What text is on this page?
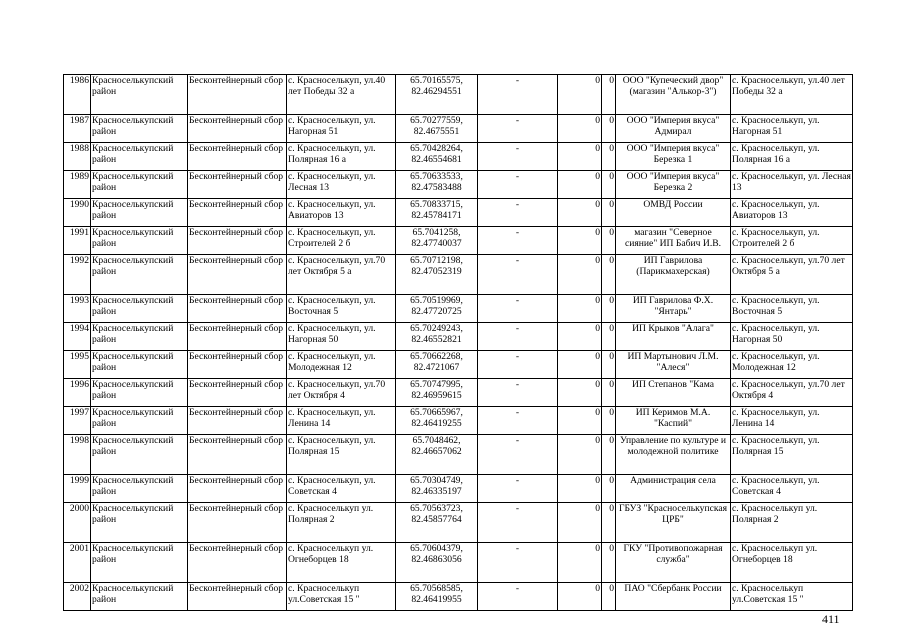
1986	Красноселькупский район	Бесконтейнерный сбор	с. Красноселькуп, ул.40 лет Победы 32 а	65.70165575, 82.46294551	-	0	0	ООО "Купеческий двор" (магазин "Алькор-3")	с. Красноселькуп, ул.40 лет Победы 32 а
1987	Красноселькупский район	Бесконтейнерный сбор	с. Красноселькуп, ул. Нагорная 51	65.70277559, 82.4675551	-	0	0	ООО "Империя вкуса" Адмирал	с. Красноселькуп, ул. Нагорная 51
1988	Красноселькупский район	Бесконтейнерный сбор	с. Красноселькуп, ул. Полярная 16 а	65.70428264, 82.46554681	-	0	0	ООО "Империя вкуса" Березка 1	с. Красноселькуп, ул. Полярная 16 а
1989	Красноселькупский район	Бесконтейнерный сбор	с. Красноселькуп, ул. Лесная 13	65.70633533, 82.47583488	-	0	0	ООО "Империя вкуса" Березка 2	с. Красноселькуп, ул. Лесная 13
1990	Красноселькупский район	Бесконтейнерный сбор	с. Красноселькуп, ул. Авиаторов 13	65.70833715, 82.45784171	-	0	0	ОМВД России	с. Красноселькуп, ул. Авиаторов 13
1991	Красноселькупский район	Бесконтейнерный сбор	с. Красноселькуп, ул. Строителей 2 б	65.7041258, 82.47740037	-	0	0	магазин "Северное сияние" ИП Бабич И.В.	с. Красноселькуп, ул. Строителей 2 б
1992	Красноселькупский район	Бесконтейнерный сбор	с. Красноселькуп, ул.70 лет Октября 5 а	65.70712198, 82.47052319	-	0	0	ИП Гаврилова (Парикмахерская)	с. Красноселькуп, ул.70 лет Октября 5 а
1993	Красноселькупский район	Бесконтейнерный сбор	с. Красноселькуп, ул. Восточная 5	65.70519969, 82.47720725	-	0	0	ИП Гаврилова Ф.Х. "Янтарь"	с. Красноселькуп, ул. Восточная 5
1994	Красноселькупский район	Бесконтейнерный сбор	с. Красноселькуп, ул. Нагорная 50	65.70249243, 82.46552821	-	0	0	ИП Крыков "Алага"	с. Красноселькуп, ул. Нагорная 50
1995	Красноселькупский район	Бесконтейнерный сбор	с. Красноселькуп, ул. Молодежная 12	65.70662268, 82.4721067	-	0	0	ИП Мартынович Л.М. "Алеся"	с. Красноселькуп, ул. Молодежная 12
1996	Красноселькупский район	Бесконтейнерный сбор	с. Красноселькуп, ул.70 лет Октября 4	65.70747995, 82.46959615	-	0	0	ИП Степанов "Кама	с. Красноселькуп, ул.70 лет Октября 4
1997	Красноселькупский район	Бесконтейнерный сбор	с. Красноселькуп, ул. Ленина 14	65.70665967, 82.46419255	-	0	0	ИП Керимов М.А. "Каспий"	с. Красноселькуп, ул. Ленина 14
1998	Красноселькупский район	Бесконтейнерный сбор	с. Красноселькуп, ул. Полярная 15	65.7048462, 82.46657062	-	0	0	Управление по культуре и молодежной политике	с. Красноселькуп, ул. Полярная 15
1999	Красноселькупский район	Бесконтейнерный сбор	с. Красноселькуп, ул. Советская 4	65.70304749, 82.46335197	-	0	0	Администрация села	с. Красноселькуп, ул. Советская 4
2000	Красноселькупский район	Бесконтейнерный сбор	с. Красноселькуп ул. Полярная 2	65.70563723, 82.45857764	-	0	0	ГБУЗ "Красноселькупская ЦРБ"	с. Красноселькуп ул. Полярная 2
2001	Красноселькупский район	Бесконтейнерный сбор	с. Красноселькуп ул. Огнеборцев 18	65.70604379, 82.46863056	-	0	0	ГКУ "Противопожарная служба"	с. Красноселькуп ул. Огнеборцев 18
2002	Красноселькупский район	Бесконтейнерный сбор	с. Красноселькуп ул.Советская 15 "	65.70568585, 82.46419955	-	0	0	ПАО "Сбербанк России	с. Красноселькуп ул.Советская 15 "
411
